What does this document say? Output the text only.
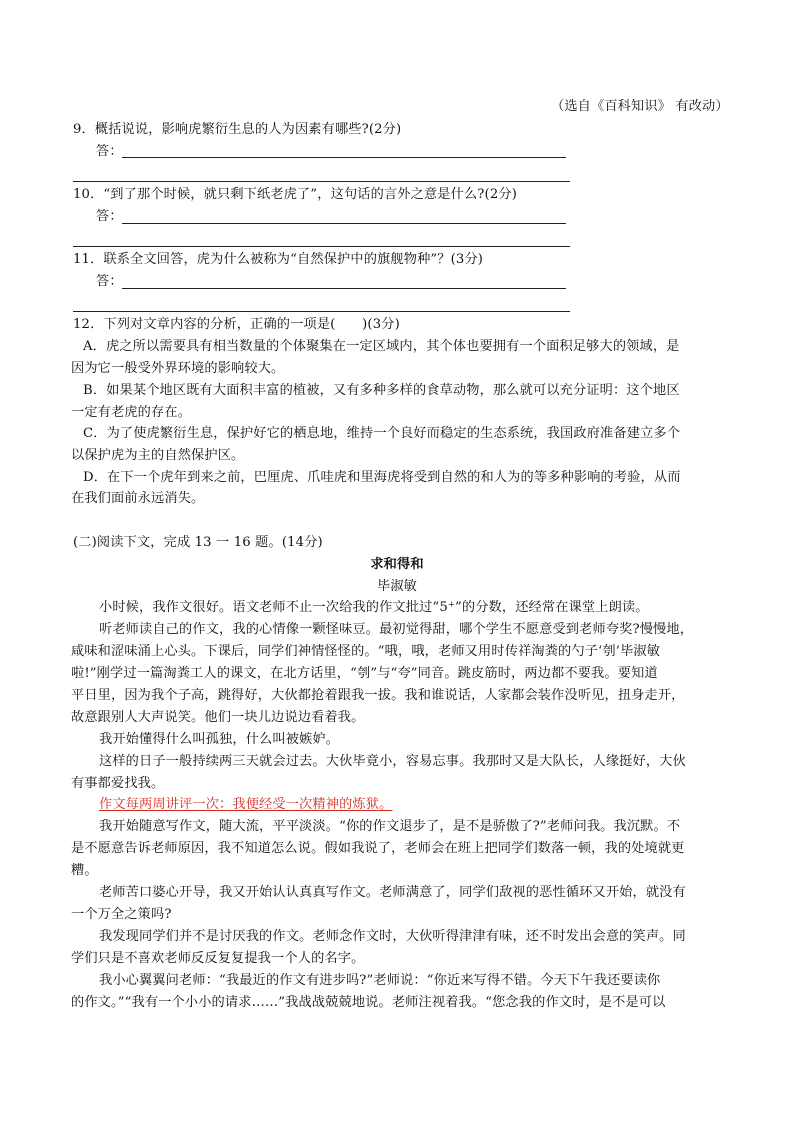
（选自《百科知识》 有改动）
9．概括说说，影响虎繁衍生息的人为因素有哪些?(2分)
答：
10．“到了那个时候，就只剩下纸老虎了”，这句话的言外之意是什么?(2分)
答：
11．联系全文回答，虎为什么被称为“自然保护中的旗舰物种”？(3分)
答：
12．下列对文章内容的分析，正确的一项是(　　)(3分)
A．虎之所以需要具有相当数量的个体聚集在一定区域内，其个体也要拥有一个面积足够大的领域，是
因为它一般受外界环境的影响较大。
B．如果某个地区既有大面积丰富的植被，又有多种多样的食草动物，那么就可以充分证明：这个地区
一定有老虎的存在。
C．为了使虎繁衍生息，保护好它的栖息地，维持一个良好而稳定的生态系统，我国政府准备建立多个
以保护虎为主的自然保护区。
D．在下一个虎年到来之前，巴厘虎、爪哇虎和里海虎将受到自然的和人为的等多种影响的考验，从而
在我们面前永远消失。
(二)阅读下文，完成 13 一 16 题。(14分)
求和得和
毕淑敏
小时候，我作文很好。语文老师不止一次给我的作文批过“5⁺”的分数，还经常在课堂上朗读。
听老师读自己的作文，我的心情像一颗怪味豆。最初觉得甜，哪个学生不愿意受到老师夸奖?慢慢地，
咸味和涩味涌上心头。下课后，同学们神情怪怪的。“哦，哦，老师又用时传祥淘粪的勺子‘刳’毕淑敏
啦!”刚学过一篇淘粪工人的课文，在北方话里，“刳”与“夸”同音。跳皮筋时，两边都不要我。要知道
平日里，因为我个子高，跳得好，大伙都抢着跟我一拔。我和谁说话，人家都会装作没听见，扭身走开，
故意跟别人大声说笑。他们一块儿边说边看着我。
我开始懂得什么叫孤独，什么叫被嫉妒。
这样的日子一般持续两三天就会过去。大伙毕竟小，容易忘事。我那时又是大队长，人缘挺好，大伙
有事都爱找我。
作文每两周讲评一次：我便经受一次精神的炼狱。
我开始随意写作文，随大流，平平淡淡。“你的作文退步了，是不是骄傲了?”老师问我。我沉默。不
是不愿意告诉老师原因，我不知道怎么说。假如我说了，老师会在班上把同学们数落一顿，我的处境就更
糟。
老师苦口婆心开导，我又开始认认真真写作文。老师满意了，同学们敌视的恶性循环又开始，就没有
一个万全之策吗?
我发现同学们并不是讨厌我的作文。老师念作文时，大伙听得津津有味，还不时发出会意的笑声。同
学们只是不喜欢老师反反复复提我一个人的名字。
我小心翼翼问老师：“我最近的作文有进步吗?”老师说：“你近来写得不错。今天下午我还要读你
的作文。”“我有一个小小的请求……”我战战兢兢地说。老师注视着我。“您念我的作文时，是不是可以
